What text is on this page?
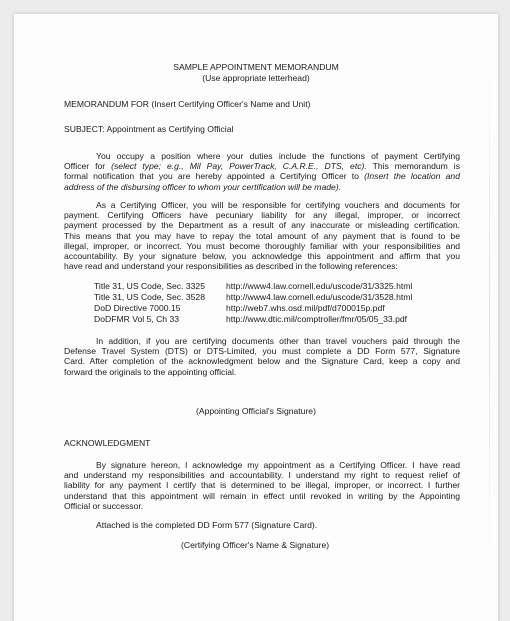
SAMPLE APPOINTMENT MEMORANDUM
(Use appropriate letterhead)
MEMORANDUM FOR (Insert Certifying Officer's Name and Unit)
SUBJECT: Appointment as Certifying Official
You occupy a position where your duties include the functions of payment Certifying
Officer for (select type; e.g., Mil Pay, PowerTrack, C.A.R.E., DTS, etc). This memorandum is
formal notification that you are hereby appointed a Certifying Officer to (Insert the location and
address of the disbursing officer to whom your certification will be made).
As a Certifying Officer, you will be responsible for certifying vouchers and documents for
payment. Certifying Officers have pecuniary liability for any illegal, improper, or incorrect
payment processed by the Department as a result of any inaccurate or misleading certification.
This means that you may have to repay the total amount of any payment that is found to be
illegal, improper, or incorrect. You must become thoroughly familiar with your responsibilities and
accountability. By your signature below, you acknowledge this appointment and affirm that you
have read and understand your responsibilities as described in the following references:
Title 31, US Code, Sec. 3325 http://www4.law.cornell.edu/uscode/31/3325.html
Title 31, US Code, Sec. 3528 http://www4.law.cornell.edu/uscode/31/3528.html
DoD Directive 7000.15	http://web7.whs.osd.mil/pdf/d700015p.pdf
DoDFMR Vol 5, Ch 33	http://www.dtic.mil/comptroller/fmr/05/05_33.pdf
In addition, if you are certifying documents other than travel vouchers paid through the
Defense Travel System (DTS) or DTS-Limited, you must complete a DD Form 577, Signature
Card. After completion of the acknowledgment below and the Signature Card, keep a copy and
forward the originals to the appointing official.
(Appointing Official's Signature)
ACKNOWLEDGMENT
By signature hereon, I acknowledge my appointment as a Certifying Officer. I have read
and understand my responsibilities and accountability. I understand my right to request relief of
liability for any payment I certify that is determined to be illegal, improper, or incorrect. I further
understand that this appointment will remain in effect until revoked in writing by the Appointing
Official or successor.
Attached is the completed DD Form 577 (Signature Card).
(Certifying Officer's Name & Signature)
